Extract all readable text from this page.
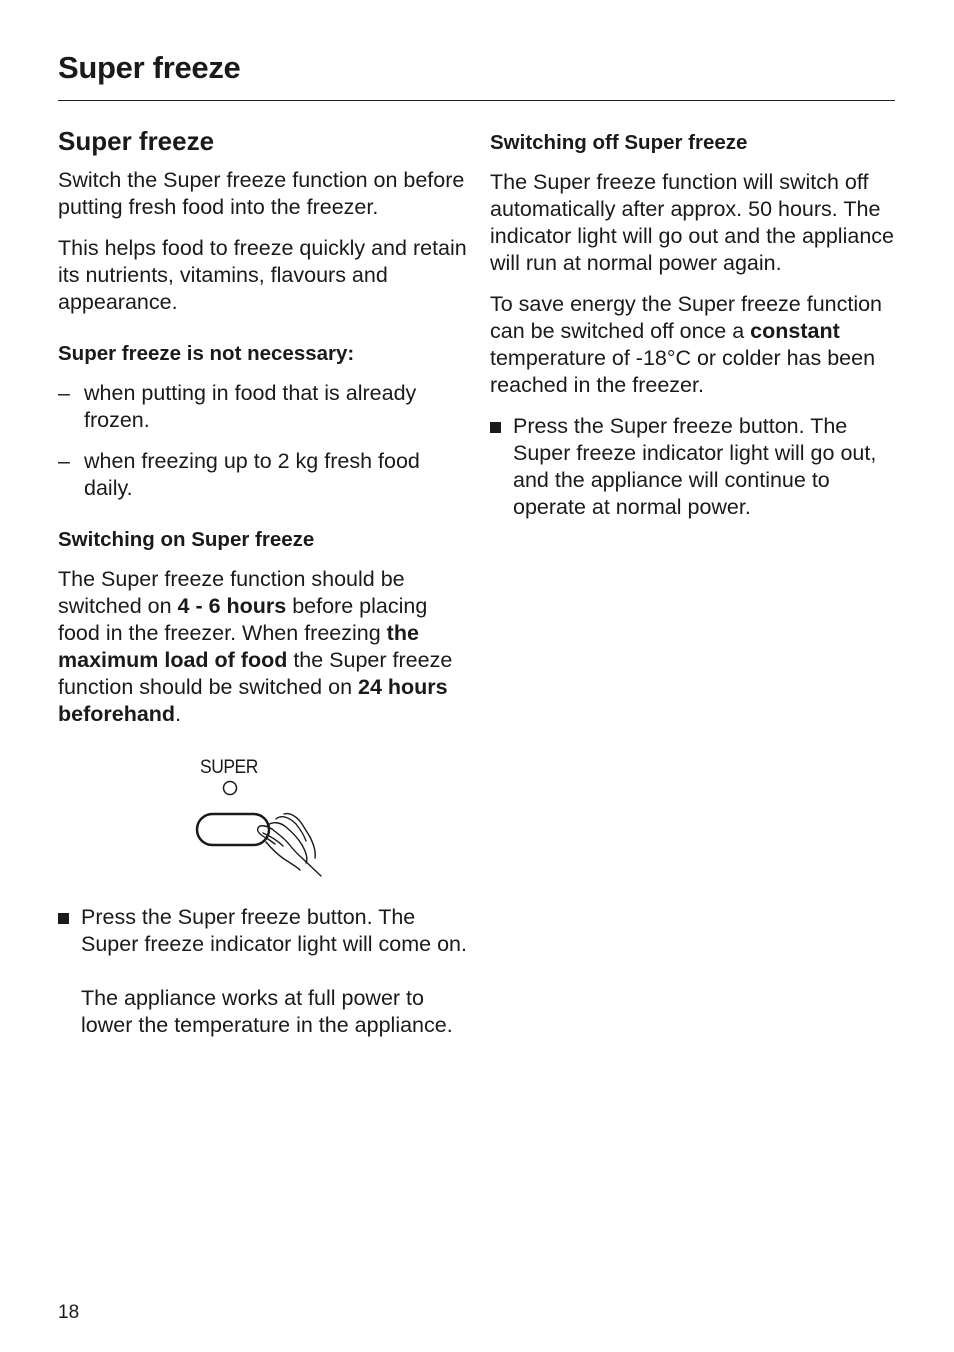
Super freeze
Super freeze

Switch the Super freeze function on before putting fresh food into the freezer.

This helps food to freeze quickly and retain its nutrients, vitamins, flavours and appearance.

Super freeze is not necessary:
– when putting in food that is already frozen.
– when freezing up to 2 kg fresh food daily.
Switching on Super freeze

The Super freeze function should be switched on 4 - 6 hours before placing food in the freezer. When freezing the maximum load of food the Super freeze function should be switched on 24 hours beforehand.

SUPER

Press the Super freeze button. The Super freeze indicator light will come on.

The appliance works at full power to lower the temperature in the appliance.

Switching off Super freeze

The Super freeze function will switch off automatically after approx. 50 hours. The indicator light will go out and the appliance will run at normal power again.

To save energy the Super freeze function can be switched off once a constant temperature of -18°C or colder has been reached in the freezer.

Press the Super freeze button. The Super freeze indicator light will go out, and the appliance will continue to operate at normal power.

18
